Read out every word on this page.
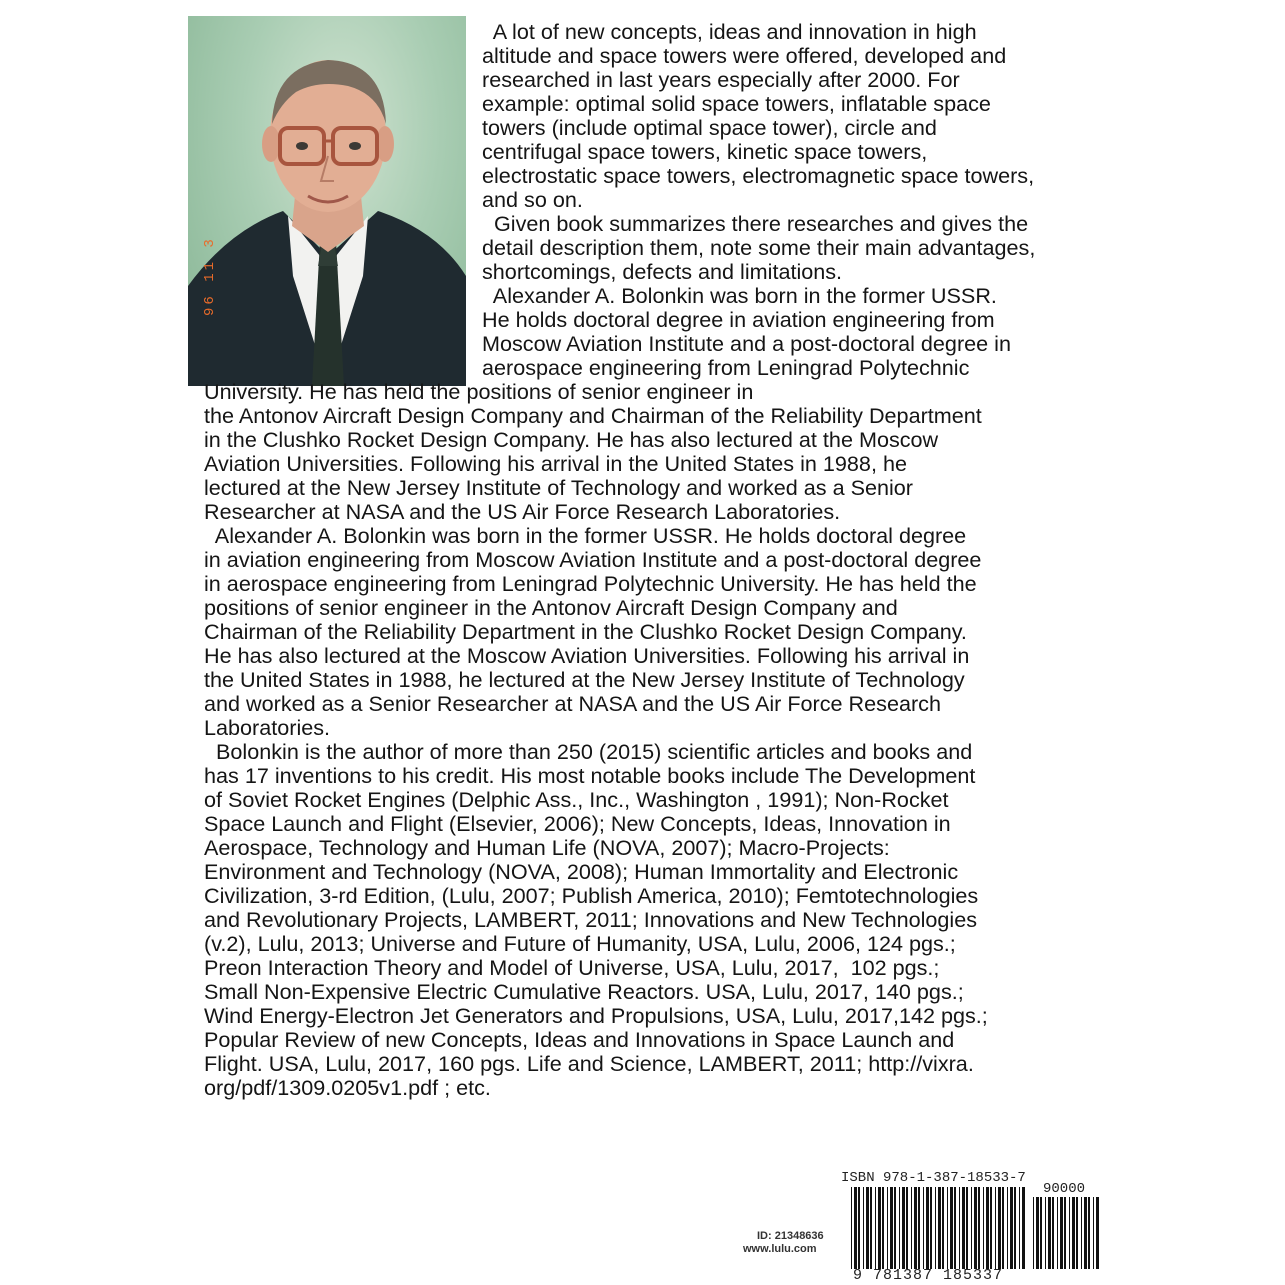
96 11 3
A lot of new concepts, ideas and innovation in high
altitude and space towers were offered, developed and
researched in last years especially after 2000. For
example: optimal solid space towers, inflatable space
towers (include optimal space tower), circle and
centrifugal space towers, kinetic space towers,
electrostatic space towers, electromagnetic space towers,
and so on.
Given book summarizes there researches and gives the
detail description them, note some their main advantages,
shortcomings, defects and limitations.
Alexander A. Bolonkin was born in the former USSR.
He holds doctoral degree in aviation engineering from
Moscow Aviation Institute and a post-doctoral degree in
aerospace engineering from Leningrad Polytechnic
University. He has held the positions of senior engineer in
the Antonov Aircraft Design Company and Chairman of the Reliability Department
in the Clushko Rocket Design Company. He has also lectured at the Moscow
Aviation Universities. Following his arrival in the United States in 1988, he
lectured at the New Jersey Institute of Technology and worked as a Senior
Researcher at NASA and the US Air Force Research Laboratories.
Alexander A. Bolonkin was born in the former USSR. He holds doctoral degree
in aviation engineering from Moscow Aviation Institute and a post-doctoral degree
in aerospace engineering from Leningrad Polytechnic University. He has held the
positions of senior engineer in the Antonov Aircraft Design Company and
Chairman of the Reliability Department in the Clushko Rocket Design Company.
He has also lectured at the Moscow Aviation Universities. Following his arrival in
the United States in 1988, he lectured at the New Jersey Institute of Technology
and worked as a Senior Researcher at NASA and the US Air Force Research
Laboratories.
Bolonkin is the author of more than 250 (2015) scientific articles and books and
has 17 inventions to his credit. His most notable books include The Development
of Soviet Rocket Engines (Delphic Ass., Inc., Washington , 1991); Non-Rocket
Space Launch and Flight (Elsevier, 2006); New Concepts, Ideas, Innovation in
Aerospace, Technology and Human Life (NOVA, 2007); Macro-Projects:
Environment and Technology (NOVA, 2008); Human Immortality and Electronic
Civilization, 3-rd Edition, (Lulu, 2007; Publish America, 2010); Femtotechnologies
and Revolutionary Projects, LAMBERT, 2011; Innovations and New Technologies
(v.2), Lulu, 2013; Universe and Future of Humanity, USA, Lulu, 2006, 124 pgs.;
Preon Interaction Theory and Model of Universe, USA, Lulu, 2017,  102 pgs.;
Small Non-Expensive Electric Cumulative Reactors. USA, Lulu, 2017, 140 pgs.;
Wind Energy-Electron Jet Generators and Propulsions, USA, Lulu, 2017,142 pgs.;
Popular Review of new Concepts, Ideas and Innovations in Space Launch and
Flight. USA, Lulu, 2017, 160 pgs. Life and Science, LAMBERT, 2011; http://vixra.
org/pdf/1309.0205v1.pdf ; etc.
ISBN 978-1-387-18533-7
90000
9 781387 185337
ID: 21348636
www.lulu.com
